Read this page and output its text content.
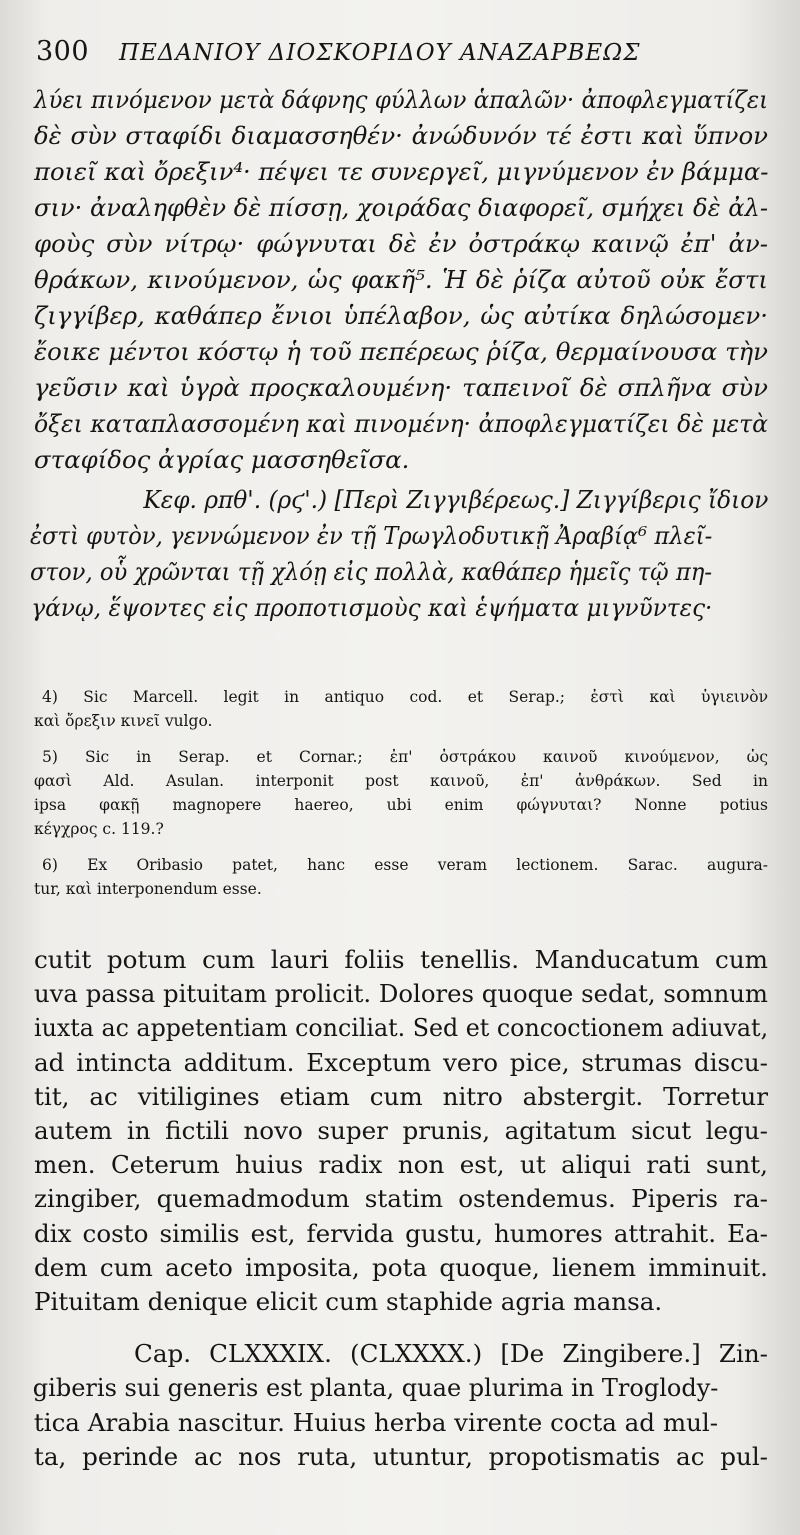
300 ΠΕΔΑΝΙΟΥ ΔΙΟΣΚΟΡΙΔΟΥ ΑΝΑΖΑΡΒΕΩΣ

λύει πινόμενον μετὰ δάφνης φύλλων ἁπαλῶν· ἀποφλεγματίζει
δὲ σὺν σταφίδι διαμασσηθέν· ἀνώδυνόν τέ ἐστι καὶ ὕπνον
ποιεῖ καὶ ὄρεξιν⁴· πέψει τε συνεργεῖ, μιγνύμενον ἐν βάμμα-
σιν· ἀναληφθὲν δὲ πίσσῃ, χοιράδας διαφορεῖ, σμήχει δὲ ἀλ-
φοὺς σὺν νίτρῳ· φώγνυται δὲ ἐν ὀστράκῳ καινῷ ἐπ' ἀν-
θράκων, κινούμενον, ὡς φακῆ⁵. Ἡ δὲ ῥίζα αὐτοῦ οὐκ ἔστι
ζιγγίβερ, καθάπερ ἔνιοι ὑπέλαβον, ὡς αὐτίκα δηλώσομεν·
ἔοικε μέντοι κόστῳ ἡ τοῦ πεπέρεως ῥίζα, θερμαίνουσα τὴν
γεῦσιν καὶ ὑγρὰ προςκαλουμένη· ταπεινοῖ δὲ σπλῆνα σὺν
ὄξει καταπλασσομένη καὶ πινομένη· ἀποφλεγματίζει δὲ μετὰ
σταφίδος ἀγρίας μασσηθεῖσα.

Κεφ. ρπθ'. (ρϛ'.) [Περὶ Ζιγγιβέρεως.] Ζιγγίβερις ἴδιον
ἐστὶ φυτὸν, γεννώμενον ἐν τῇ Τρωγλοδυτικῇ Ἀραβίᾳ⁶ πλεῖ-
στον, οὗ χρῶνται τῇ χλόῃ εἰς πολλὰ, καθάπερ ἡμεῖς τῷ πη-
γάνῳ, ἕψοντες εἰς προποτισμοὺς καὶ ἑψήματα μιγνῦντες·

4) Sic Marcell. legit in antiquo cod. et Serap.; ἐστὶ καὶ ὑγιεινὸν
καὶ ὄρεξιν κινεῖ vulgo.
5) Sic in Serap. et Cornar.; ἐπ' ὀστράκου καινοῦ κινούμενον, ὡς
φασὶ Ald. Asulan. interponit post καινοῦ, ἐπ' ἀνθράκων. Sed in
ipsa φακῇ magnopere haereo, ubi enim φώγνυται? Nonne potius
κέγχρος c. 119.?
6) Ex Oribasio patet, hanc esse veram lectionem. Sarac. augura-
tur, καὶ interponendum esse.

cutit potum cum lauri foliis tenellis. Manducatum cum
uva passa pituitam prolicit. Dolores quoque sedat, somnum
iuxta ac appetentiam conciliat. Sed et concoctionem adiuvat,
ad intincta additum. Exceptum vero pice, strumas discu-
tit, ac vitiligines etiam cum nitro abstergit. Torretur
autem in fictili novo super prunis, agitatum sicut legu-
men. Ceterum huius radix non est, ut aliqui rati sunt,
zingiber, quemadmodum statim ostendemus. Piperis ra-
dix costo similis est, fervida gustu, humores attrahit. Ea-
dem cum aceto imposita, pota quoque, lienem imminuit.
Pituitam denique elicit cum staphide agria mansa.

Cap. CLXXXIX. (CLXXXX.) [De Zingibere.] Zin-
giberis sui generis est planta, quae plurima in Troglody-
tica Arabia nascitur. Huius herba virente cocta ad mul-
ta, perinde ac nos ruta, utuntur, propotismatis ac pul-
